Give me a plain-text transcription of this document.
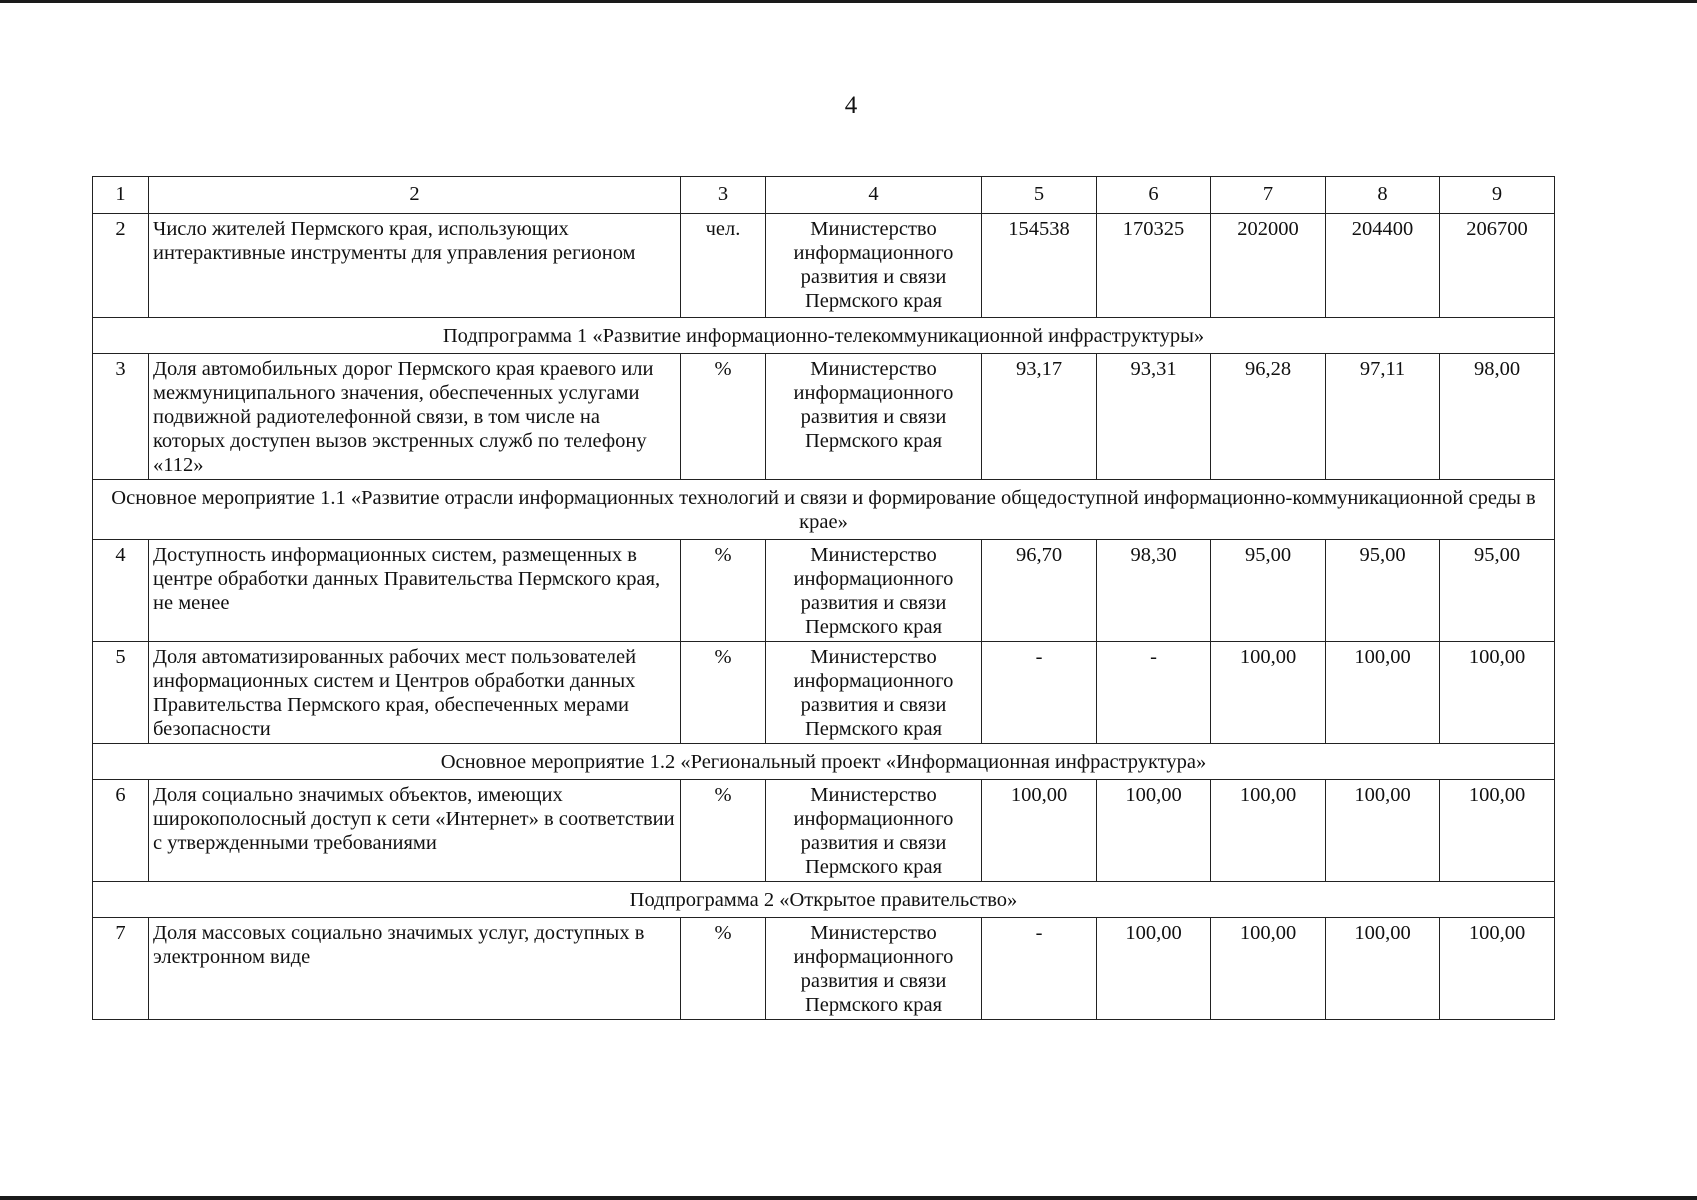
4
1	2	3	4	5	6	7	8	9
2	Число жителей Пермского края, использующих интерактивные инструменты для управления регионом	чел.	Министерство информационного развития и связи Пермского края	154538	170325	202000	204400	206700
Подпрограмма 1 «Развитие информационно-телекоммуникационной инфраструктуры»								
3	Доля автомобильных дорог Пермского края краевого или межмуниципального значения, обеспеченных услугами подвижной радиотелефонной связи, в том числе на которых доступен вызов экстренных служб по телефону «112»	%	Министерство информационного развития и связи Пермского края	93,17	93,31	96,28	97,11	98,00
Основное мероприятие 1.1 «Развитие отрасли информационных технологий и связи и формирование общедоступной информационно-коммуникационной среды в крае»								
4	Доступность информационных систем, размещенных в центре обработки данных Правительства Пермского края, не менее	%	Министерство информационного развития и связи Пермского края	96,70	98,30	95,00	95,00	95,00
5	Доля автоматизированных рабочих мест пользователей информационных систем и Центров обработки данных Правительства Пермского края, обеспеченных мерами безопасности	%	Министерство информационного развития и связи Пермского края	-	-	100,00	100,00	100,00
Основное мероприятие 1.2 «Региональный проект «Информационная инфраструктура»								
6	Доля социально значимых объектов, имеющих широкополосный доступ к сети «Интернет» в соответствии с утвержденными требованиями	%	Министерство информационного развития и связи Пермского края	100,00	100,00	100,00	100,00	100,00
Подпрограмма 2 «Открытое правительство»								
7	Доля массовых социально значимых услуг, доступных в электронном виде	%	Министерство информационного развития и связи Пермского края	-	100,00	100,00	100,00	100,00
